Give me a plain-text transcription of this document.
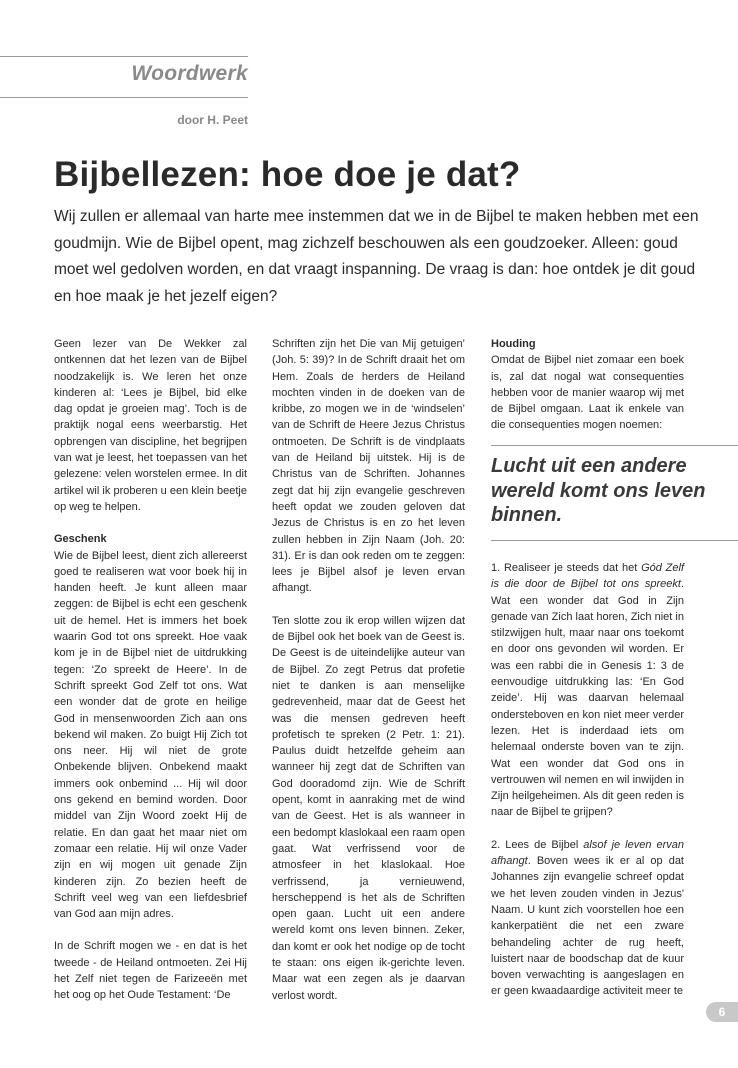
Woordwerk
door H. Peet
Bijbellezen: hoe doe je dat?

Wij zullen er allemaal van harte mee instemmen dat we in de Bijbel te maken hebben met een goudmijn. Wie de Bijbel opent, mag zichzelf beschouwen als een goudzoeker. Alleen: goud moet wel gedolven worden, en dat vraagt inspanning. De vraag is dan: hoe ontdek je dit goud en hoe maak je het jezelf eigen?

Geen lezer van De Wekker zal ontkennen dat het lezen van de Bijbel noodzakelijk is. We leren het onze kinderen al: ‘Lees je Bijbel, bid elke dag opdat je groeien mag’. Toch is de praktijk nogal eens weerbarstig. Het opbrengen van discipline, het begrijpen van wat je leest, het toepassen van het gelezene: velen worstelen ermee. In dit artikel wil ik proberen u een klein beetje op weg te helpen.

Geschenk

Wie de Bijbel leest, dient zich allereerst goed te realiseren wat voor boek hij in handen heeft. Je kunt alleen maar zeggen: de Bijbel is echt een geschenk uit de hemel. Het is immers het boek waarin God tot ons spreekt. Hoe vaak kom je in de Bijbel niet de uitdrukking tegen: ‘Zo spreekt de Heere’. In de Schrift spreekt God Zelf tot ons. Wat een wonder dat de grote en heilige God in mensenwoorden Zich aan ons bekend wil maken. Zo buigt Hij Zich tot ons neer. Hij wil niet de grote Onbekende blijven. Onbekend maakt immers ook onbemind ... Hij wil door ons gekend en bemind worden. Door middel van Zijn Woord zoekt Hij de relatie. En dan gaat het maar niet om zomaar een relatie. Hij wil onze Vader zijn en wij mogen uit genade Zijn kinderen zijn. Zo bezien heeft de Schrift veel weg van een liefdesbrief van God aan mijn adres.

In de Schrift mogen we - en dat is het tweede - de Heiland ontmoeten. Zei Hij het Zelf niet tegen de Farizeeën met het oog op het Oude Testament: ‘De

Schriften zijn het Die van Mij getuigen’ (Joh. 5: 39)? In de Schrift draait het om Hem. Zoals de herders de Heiland mochten vinden in de doeken van de kribbe, zo mogen we in de ‘windselen’ van de Schrift de Heere Jezus Christus ontmoeten. De Schrift is de vindplaats van de Heiland bij uitstek. Hij is de Christus van de Schriften. Johannes zegt dat hij zijn evangelie geschreven heeft opdat we zouden geloven dat Jezus de Christus is en zo het leven zullen hebben in Zijn Naam (Joh. 20: 31). Er is dan ook reden om te zeggen: lees je Bijbel alsof je leven ervan afhangt.

Ten slotte zou ik erop willen wijzen dat de Bijbel ook het boek van de Geest is. De Geest is de uiteindelijke auteur van de Bijbel. Zo zegt Petrus dat profetie niet te danken is aan menselijke gedrevenheid, maar dat de Geest het was die mensen gedreven heeft profetisch te spreken (2 Petr. 1: 21). Paulus duidt hetzelfde geheim aan wanneer hij zegt dat de Schriften van God dooradomd zijn. Wie de Schrift opent, komt in aanraking met de wind van de Geest. Het is als wanneer in een bedompt klaslokaal een raam open gaat. Wat verfrissend voor de atmosfeer in het klaslokaal. Hoe verfrissend, ja vernieuwend, herscheppend is het als de Schriften open gaan. Lucht uit een andere wereld komt ons leven binnen. Zeker, dan komt er ook het nodige op de tocht te staan: ons eigen ik-gerichte leven. Maar wat een zegen als je daarvan verlost wordt.

Houding

Omdat de Bijbel niet zomaar een boek is, zal dat nogal wat consequenties hebben voor de manier waarop wij met de Bijbel omgaan. Laat ik enkele van die consequenties mogen noemen:

Lucht uit een andere wereld komt ons leven binnen.

1. Realiseer je steeds dat het Gód Zelf is die door de Bijbel tot ons spreekt. Wat een wonder dat God in Zijn genade van Zich laat horen, Zich niet in stilzwijgen hult, maar naar ons toekomt en door ons gevonden wil worden. Er was een rabbi die in Genesis 1: 3 de eenvoudige uitdrukking las: ‘En God zeide’. Hij was daarvan helemaal ondersteboven en kon niet meer verder lezen. Het is inderdaad iets om helemaal onderste boven van te zijn. Wat een wonder dat God ons in vertrouwen wil nemen en wil inwijden in Zijn heilgeheimen. Als dit geen reden is naar de Bijbel te grijpen?

2. Lees de Bijbel alsof je leven ervan afhangt. Boven wees ik er al op dat Johannes zijn evangelie schreef opdat we het leven zouden vinden in Jezus' Naam. U kunt zich voorstellen hoe een kankerpatiënt die net een zware behandeling achter de rug heeft, luistert naar de boodschap dat de kuur boven verwachting is aangeslagen en er geen kwaadaardige activiteit meer te

6
